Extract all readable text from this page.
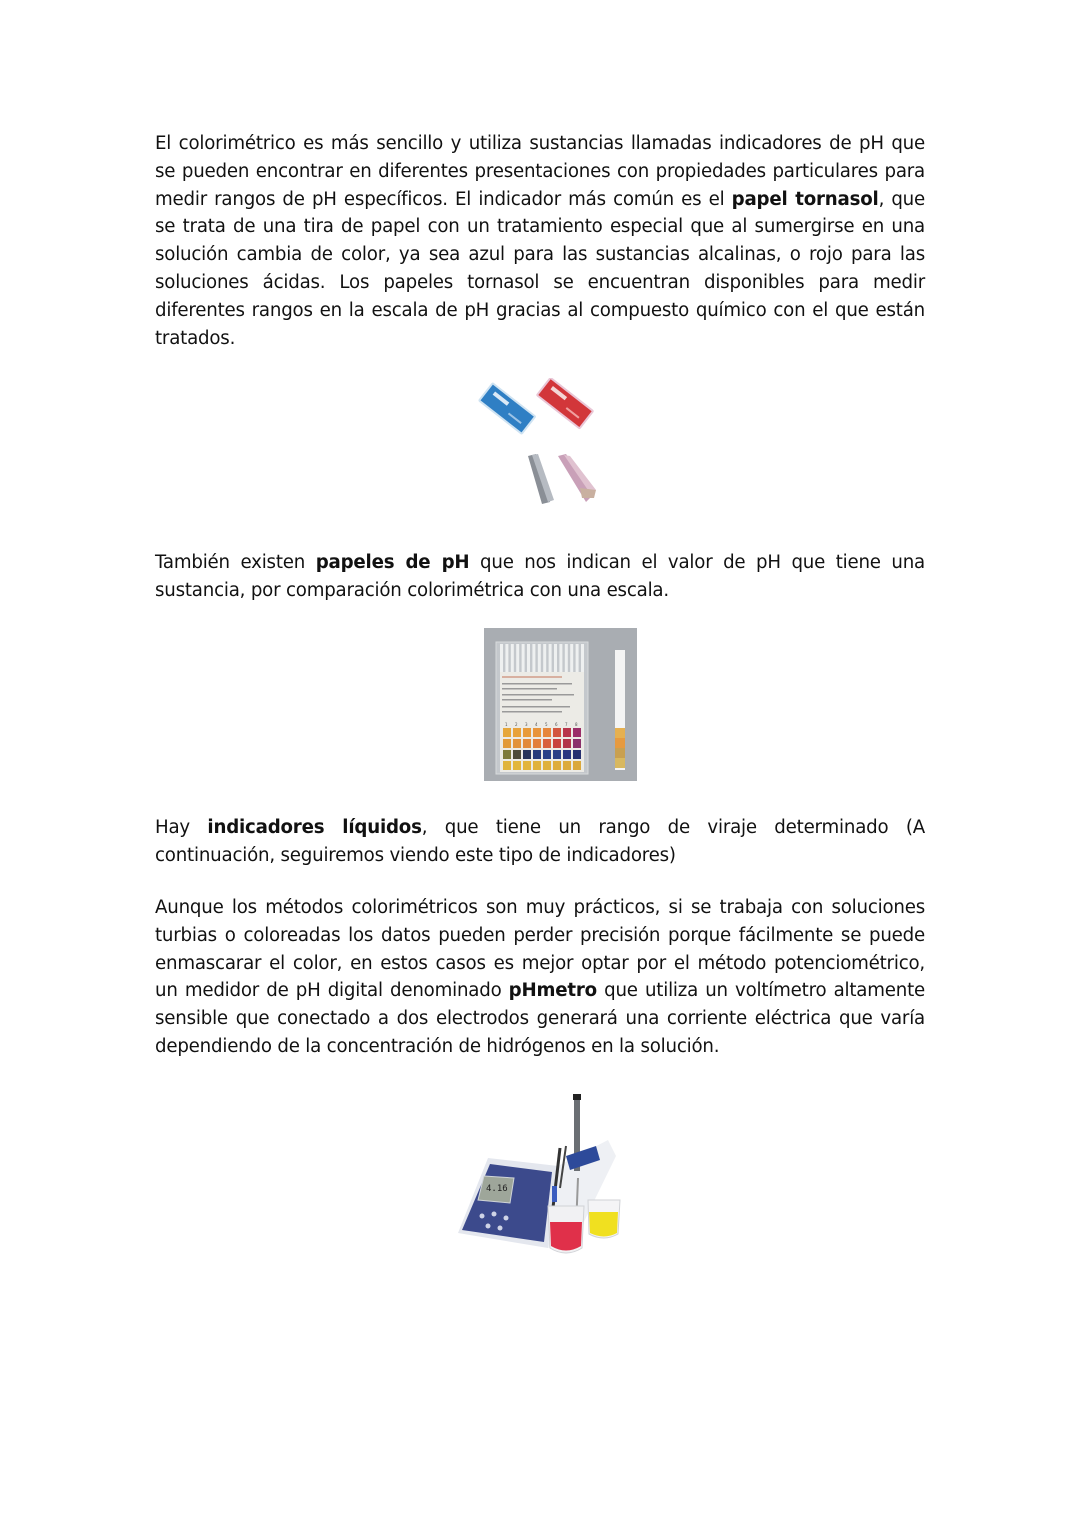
El colorimétrico es más sencillo y utiliza sustancias llamadas indicadores de pH que se pueden encontrar en diferentes presentaciones con propiedades particulares para medir rangos de pH específicos. El indicador más común es el papel tornasol, que se trata de una tira de papel con un tratamiento especial que al sumergirse en una solución cambia de color, ya sea azul para las sustancias alcalinas, o rojo para las soluciones ácidas. Los papeles tornasol se encuentran disponibles para medir diferentes rangos en la escala de pH gracias al compuesto químico con el que están tratados.

También existen papeles de pH que nos indican el valor de pH que tiene una sustancia, por comparación colorimétrica con una escala.

1 2 3 4 5 6 7 8

Hay indicadores líquidos, que tiene un rango de viraje determinado (A continuación, seguiremos viendo este tipo de indicadores)

Aunque los métodos colorimétricos son muy prácticos, si se trabaja con soluciones turbias o coloreadas los datos pueden perder precisión porque fácilmente se puede enmascarar el color, en estos casos es mejor optar por el método potenciométrico, un medidor de pH digital denominado pHmetro que utiliza un voltímetro altamente sensible que conectado a dos electrodos generará una corriente eléctrica que varía dependiendo de la concentración de hidrógenos en la solución.

4.16
